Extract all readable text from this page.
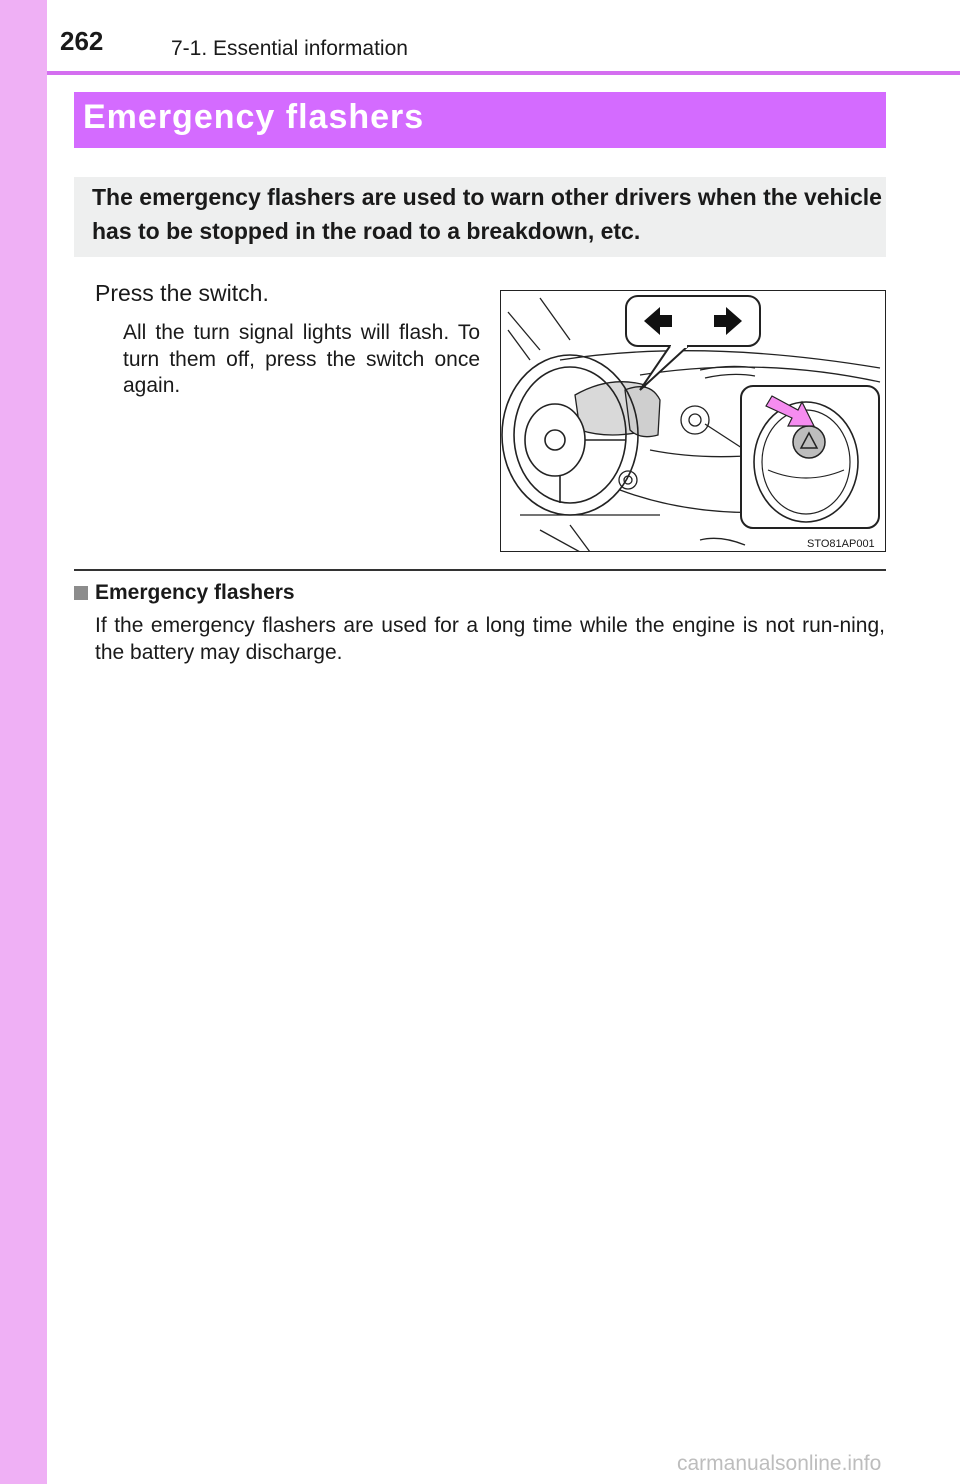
262	7-1. Essential information
Emergency flashers

The emergency flashers are used to warn other drivers when the vehicle has to be stopped in the road to a breakdown, etc.

Press the switch.
All the turn signal lights will flash. To turn them off, press the switch once again.
STO81AP001
Emergency flashers
If the emergency flashers are used for a long time while the engine is not run-ning, the battery may discharge.
carmanualsonline.info
